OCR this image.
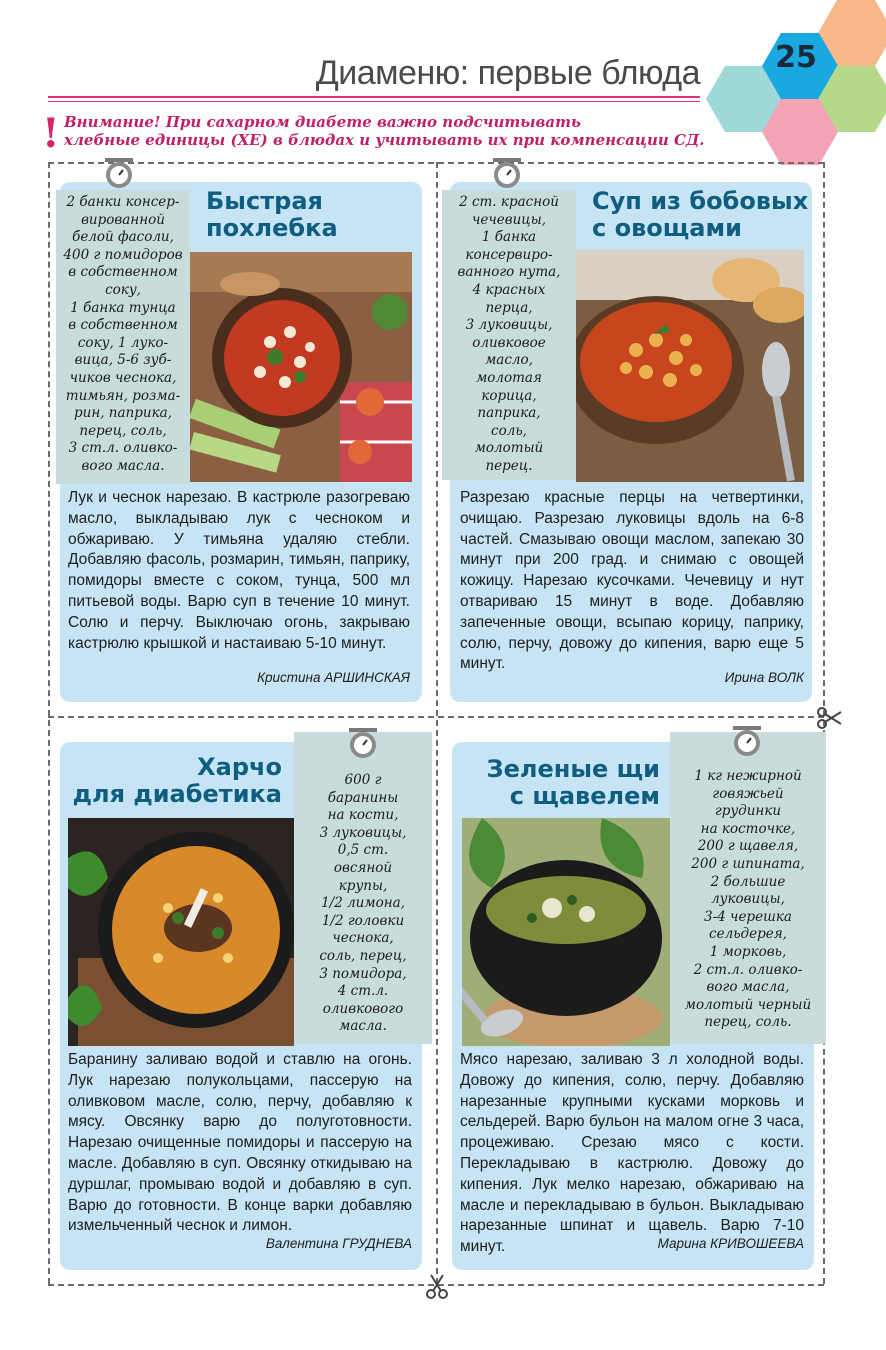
25
Диаменю: первые блюда
! Внимание! При сахарном диабете важно подсчитывать
хлебные единицы (ХЕ) в блюдах и учитывать их при компенсации СД.
2 банки консер-
вированной
белой фасоли,
400 г помидоров
в собственном
соку,
1 банка тунца
в собственном
соку, 1 луко-
вица, 5-6 зуб-
чиков чеснока,
тимьян, розма-
рин, паприка,
перец, соль,
3 ст.л. оливко-
вого масла.
Быстрая
похлебка
Лук и чеснок нарезаю. В кастрюле разогреваю масло, выкладываю лук с чесноком и обжариваю. У тимьяна удаляю стебли. Добавляю фасоль, розмарин, тимьян, паприку, помидоры вместе с соком, тунца, 500 мл питьевой воды. Варю суп в течение 10 минут. Солю и перчу. Выключаю огонь, закрываю кастрюлю крышкой и настаиваю 5-10 минут.
Кристина АРШИНСКАЯ
2 ст. красной
чечевицы,
1 банка
консервиро-
ванного нута,
4 красных
перца,
3 луковицы,
оливковое
масло,
молотая
корица,
паприка,
соль,
молотый
перец.
Суп из бобовых
с овощами
Разрезаю красные перцы на четвертинки, очищаю. Разрезаю луковицы вдоль на 6-8 частей. Смазываю овощи маслом, запекаю 30 минут при 200 град. и снимаю с овощей кожицу. Нарезаю кусочками. Чечевицу и нут отвариваю 15 минут в воде. Добавляю запеченные овощи, всыпаю корицу, паприку, солю, перчу, довожу до кипения, варю еще 5 минут.
Ирина ВОЛК
600 г
баранины
на кости,
3 луковицы,
0,5 ст.
овсяной
крупы,
1/2 лимона,
1/2 головки
чеснока,
соль, перец,
3 помидора,
4 ст.л.
оливкового
масла.
Харчо
для диабетика
Баранину заливаю водой и ставлю на огонь. Лук нарезаю полукольцами, пассерую на оливковом масле, солю, перчу, добавляю к мясу. Овсянку варю до полуготовности. Нарезаю очищенные помидоры и пассерую на масле. Добавляю в суп. Овсянку откидываю на дуршлаг, промываю водой и добавляю в суп. Варю до готовности. В конце варки добавляю измельченный чеснок и лимон.
Валентина ГРУДНЕВА
1 кг нежирной
говяжьей
грудинки
на косточке,
200 г щавеля,
200 г шпината,
2 большие
луковицы,
3-4 черешка
сельдерея,
1 морковь,
2 ст.л. оливко-
вого масла,
молотый черный
перец, соль.
Зеленые щи
с щавелем
Мясо нарезаю, заливаю 3 л холодной воды. Довожу до кипения, солю, перчу. Добавляю нарезанные крупными кусками морковь и сельдерей. Варю бульон на малом огне 3 часа, процеживаю. Срезаю мясо с кости. Перекладываю в кастрюлю. Довожу до кипения. Лук мелко нарезаю, обжариваю на масле и перекладываю в бульон. Выкладываю нарезанные шпинат и щавель. Варю 7-10 минут.	Марина КРИВОШЕЕВА
